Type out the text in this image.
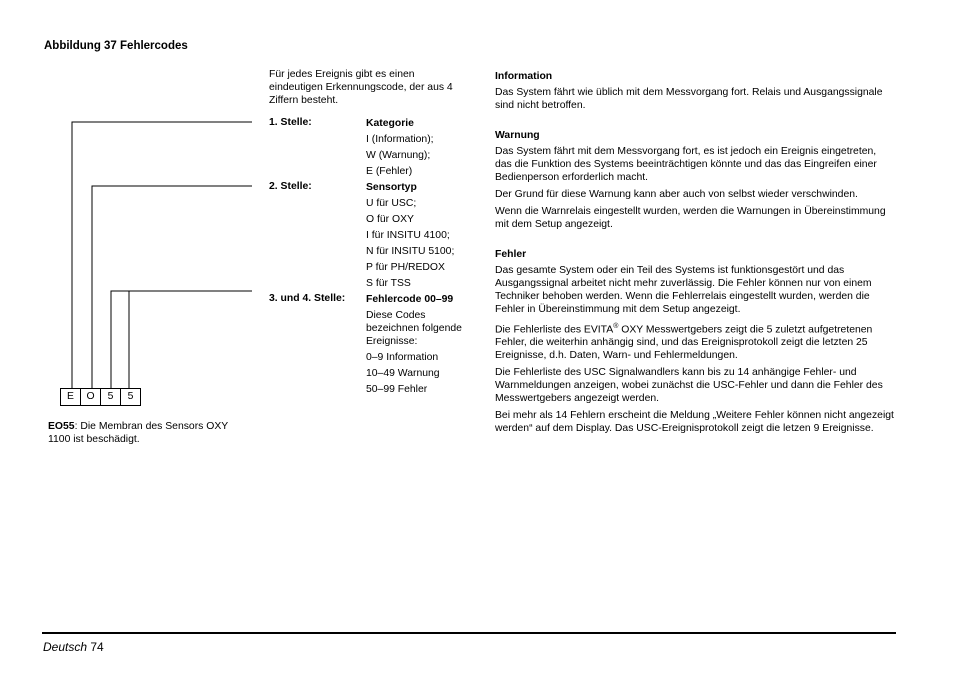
Abbildung 37 Fehlercodes
Für jedes Ereignis gibt es einen eindeutigen Erkennungscode, der aus 4 Ziffern besteht.
1. Stelle:	Kategorie
I (Information);
W (Warnung);
E (Fehler)
2. Stelle:	Sensortyp
U für USC;
O für OXY
I für INSITU 4100;
N für INSITU 5100;
P für PH/REDOX
S für TSS
3. und 4. Stelle: Fehlercode 00–99
Diese Codes bezeichnen folgende Ereignisse:
0–9 Information
10–49 Warnung
50–99 Fehler
E	O	5	5
EO55: Die Membran des Sensors OXY 1100 ist beschädigt.
Information

Das System fährt wie üblich mit dem Messvorgang fort. Relais und Ausgangssignale sind nicht betroffen.

Warnung

Das System fährt mit dem Messvorgang fort, es ist jedoch ein Ereignis eingetreten, das die Funktion des Systems beeinträchtigen könnte und das das Eingreifen einer Bedienperson erforderlich macht.

Der Grund für diese Warnung kann aber auch von selbst wieder verschwinden.

Wenn die Warnrelais eingestellt wurden, werden die Warnungen in Übereinstimmung mit dem Setup angezeigt.

Fehler

Das gesamte System oder ein Teil des Systems ist funktionsgestört und das Ausgangssignal arbeitet nicht mehr zuverlässig. Die Fehler können nur von einem Techniker behoben werden. Wenn die Fehlerrelais eingestellt wurden, werden die Fehler in Übereinstimmung mit dem Setup angezeigt.

Die Fehlerliste des EVITA® OXY Messwertgebers zeigt die 5 zuletzt aufgetretenen Fehler, die weiterhin anhängig sind, und das Ereignisprotokoll zeigt die letzten 25 Ereignisse, d.h. Daten, Warn- und Fehlermeldungen.

Die Fehlerliste des USC Signalwandlers kann bis zu 14 anhängige Fehler- und Warnmeldungen anzeigen, wobei zunächst die USC-Fehler und dann die Fehler des Messwertgebers angezeigt werden.

Bei mehr als 14 Fehlern erscheint die Meldung „Weitere Fehler können nicht angezeigt werden“ auf dem Display. Das USC-Ereignisprotokoll zeigt die letzen 9 Ereignisse.

Deutsch 74
